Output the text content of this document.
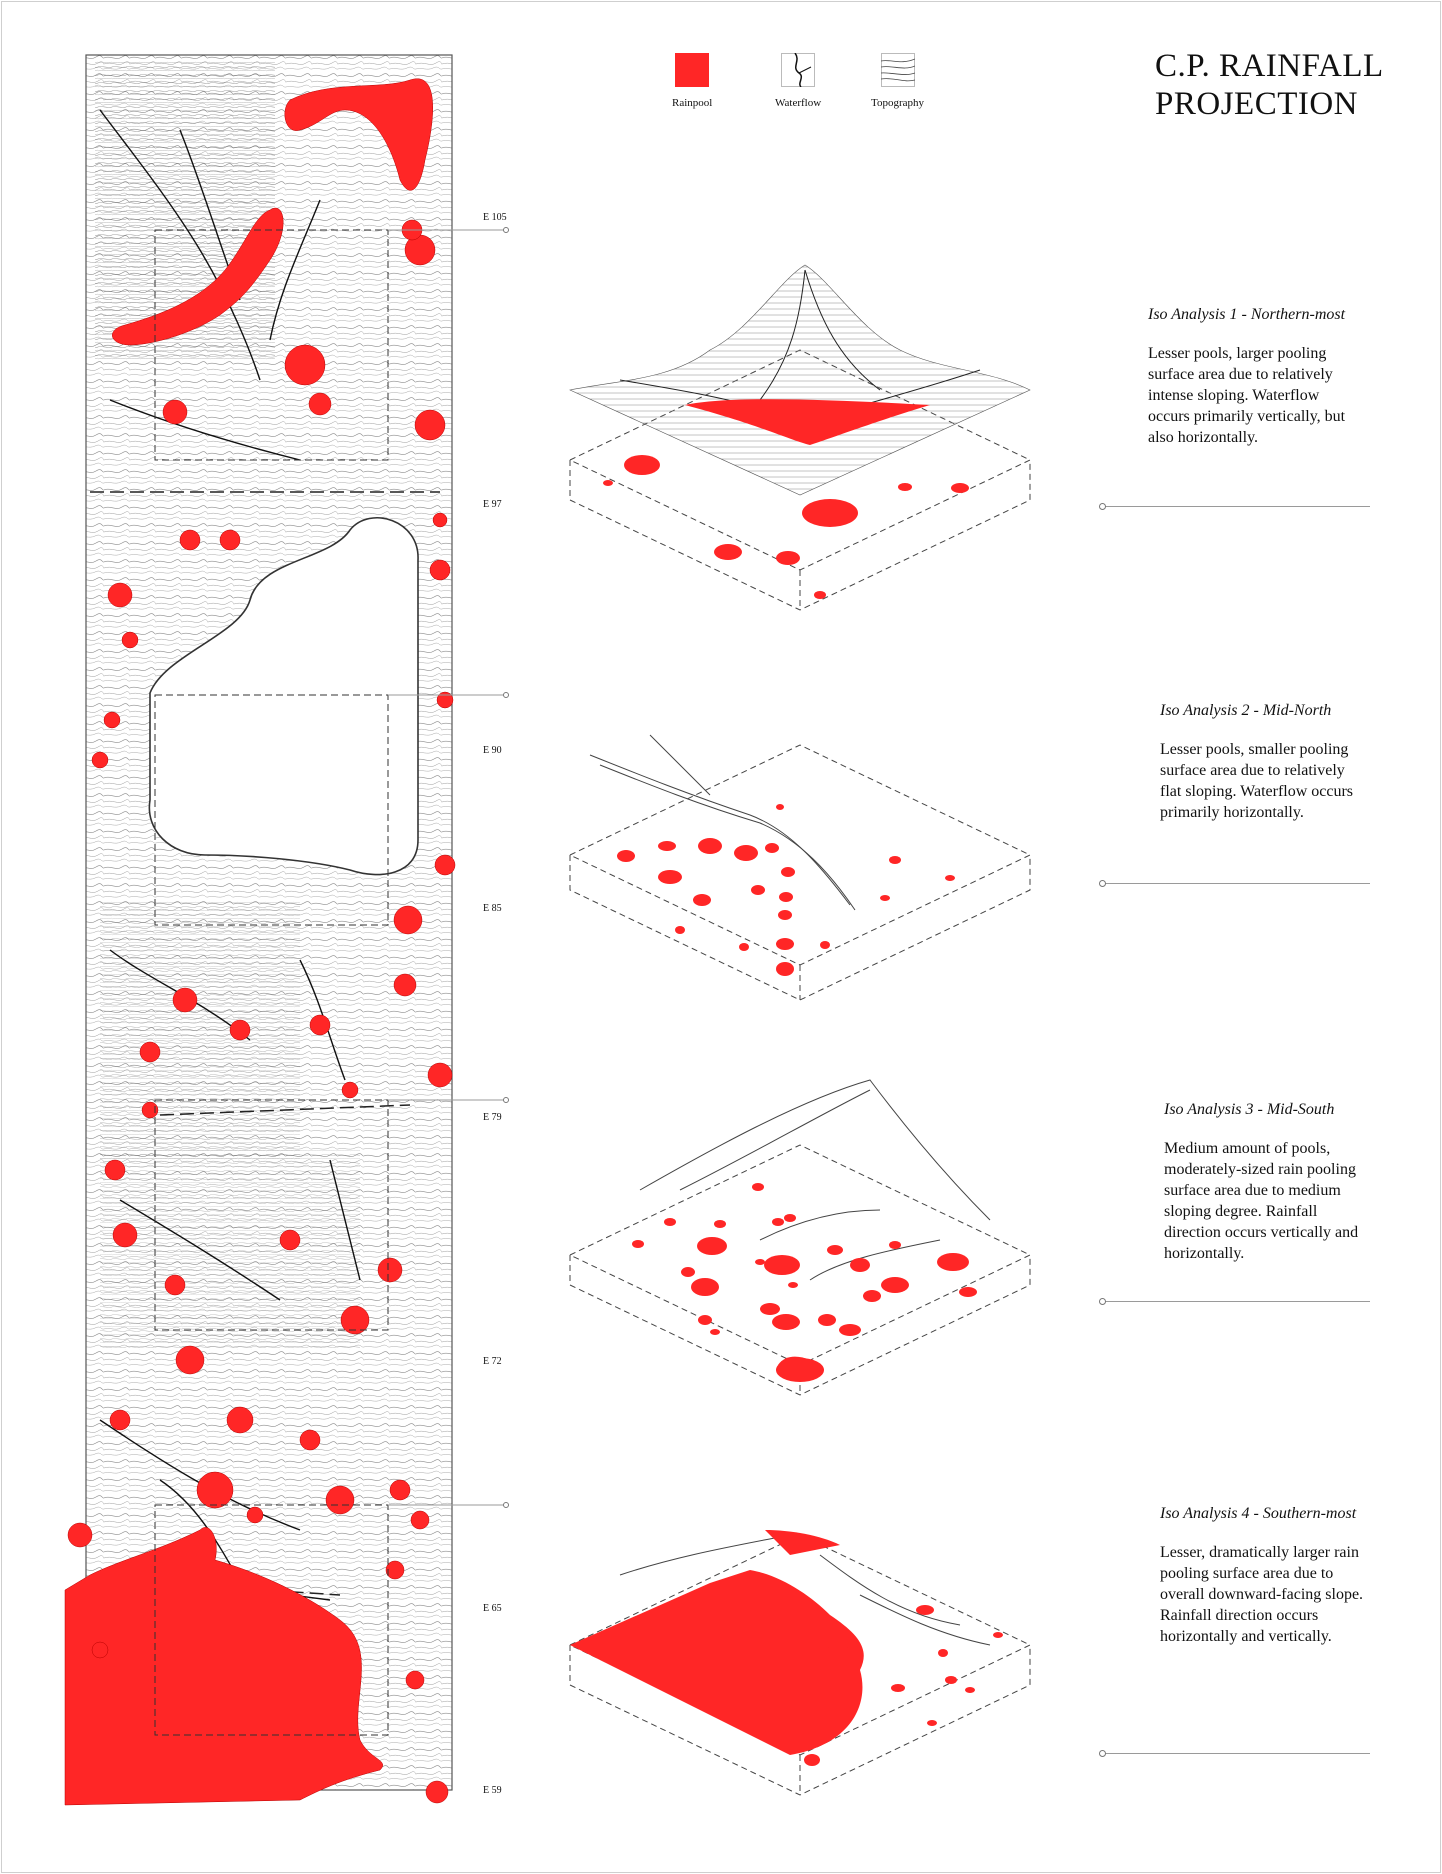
C.P. RAINFALL
PROJECTION
Rainpool	Waterflow	Topography
E 105
E 97
E 90
E 85
E 79
E 72
E 65
E 59
Iso Analysis 1 - Northern-most
Lesser pools, larger pooling surface area due to relatively intense sloping. Waterflow occurs primarily vertically, but also horizontally.
Iso Analysis 2 - Mid-North
Lesser pools, smaller pooling surface area due to relatively flat sloping. Waterflow occurs primarily horizontally.
Iso Analysis 3 - Mid-South
Medium amount of pools, moderately-sized rain pooling surface area due to medium sloping degree. Rainfall direction occurs vertically and horizontally.
Iso Analysis 4 - Southern-most
Lesser, dramatically larger rain pooling surface area due to overall downward-facing slope. Rainfall direction occurs horizontally and vertically.
